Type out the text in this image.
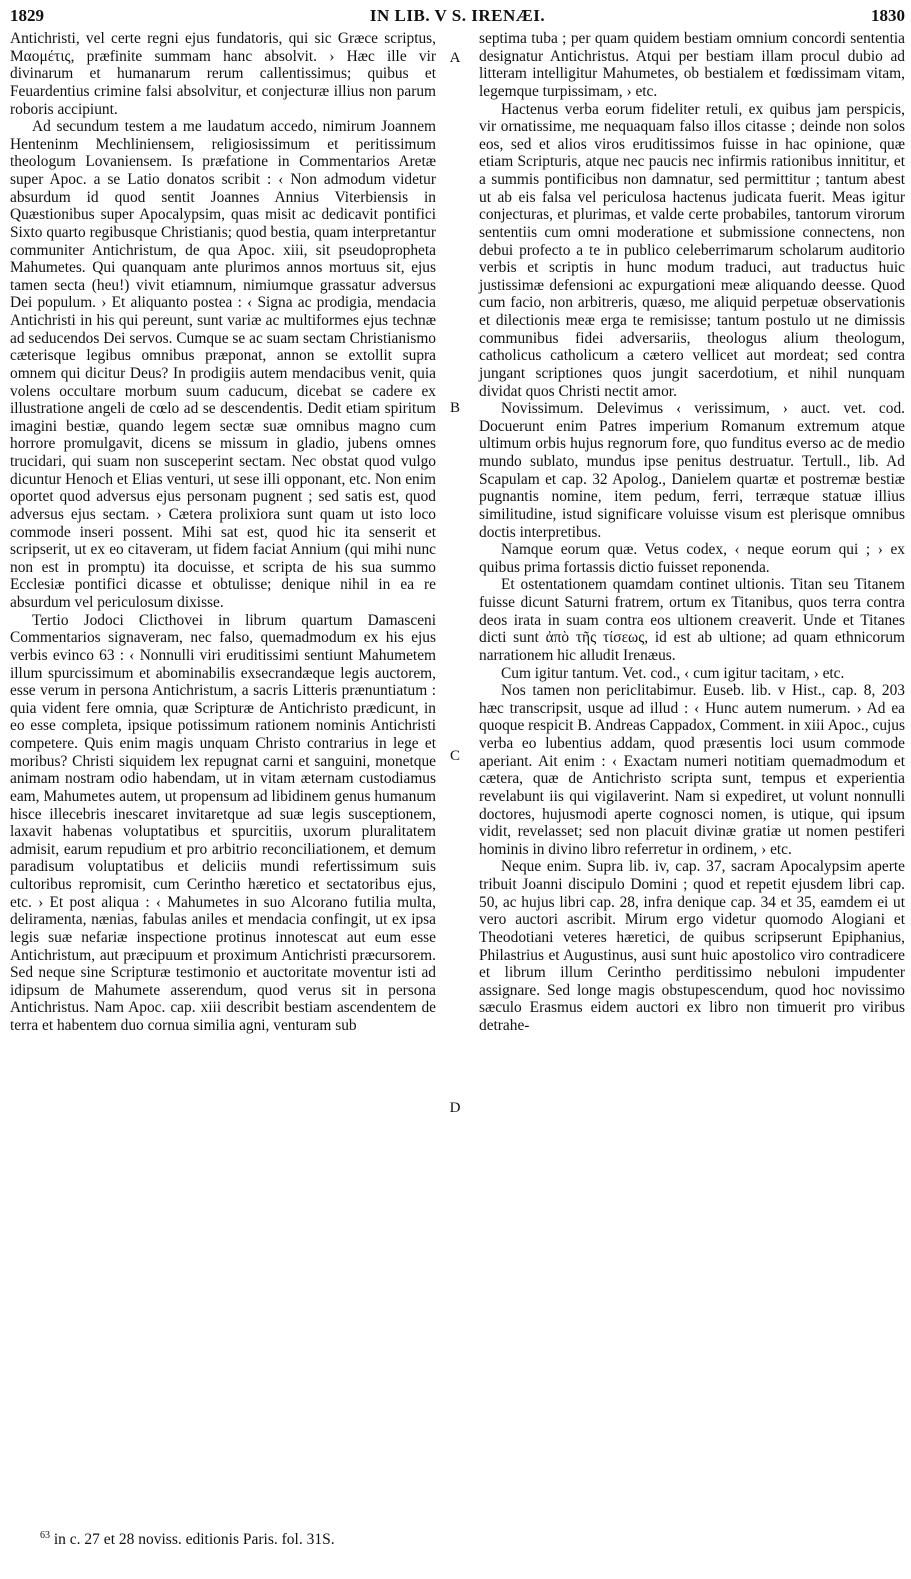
1829	IN LIB. V S. IRENÆI.	1830

Antichristi, vel certe regni ejus fundatoris, qui sic Græce scriptus, Μαομέτις, præfinite summam hanc absolvit. › Hæc ille vir divinarum et humanarum rerum callentissimus; quibus et Feuardentius crimine falsi absolvitur, et conjecturæ illius non parum roboris accipiunt.

Ad secundum testem a me laudatum accedo, nimirum Joannem Henteninm Mechliniensem, religiosissimum et peritissimum theologum Lovaniensem. Is præfatione in Commentarios Aretæ super Apoc. a se Latio donatos scribit : ‹ Non admodum videtur absurdum id quod sentit Joannes Annius Viterbiensis in Quæstionibus super Apocalypsim, quas misit ac dedicavit pontifici Sixto quarto regibusque Christianis; quod bestia, quam interpretantur communiter Antichristum, de qua Apoc. xiii, sit pseudopropheta Mahumetes. Qui quanquam ante plurimos annos mortuus sit, ejus tamen secta (heu!) vivit etiamnum, nimiumque grassatur adversus Dei populum. › Et aliquanto postea : ‹ Signa ac prodigia, mendacia Antichristi in his qui pereunt, sunt variæ ac multiformes ejus technæ ad seducendos Dei servos. Cumque se ac suam sectam Christianismo cæterisque legibus omnibus præponat, annon se extollit supra omnem qui dicitur Deus? In prodigiis autem mendacibus venit, quia volens occultare morbum suum caducum, dicebat se cadere ex illustratione angeli de cœlo ad se descendentis. Dedit etiam spiritum imagini bestiæ, quando legem sectæ suæ omnibus magno cum horrore promulgavit, dicens se missum in gladio, jubens omnes trucidari, qui suam non susceperint sectam. Nec obstat quod vulgo dicuntur Henoch et Elias venturi, ut sese illi opponant, etc. Non enim oportet quod adversus ejus personam pugnent ; sed satis est, quod adversus ejus sectam. › Cætera prolixiora sunt quam ut isto loco commode inseri possent. Mihi sat est, quod hic ita senserit et scripserit, ut ex eo citaveram, ut fidem faciat Annium (qui mihi nunc non est in promptu) ita docuisse, et scripta de his sua summo Ecclesiæ pontifici dicasse et obtulisse; denique nihil in ea re absurdum vel periculosum dixisse.

Tertio Jodoci Clicthovei in librum quartum Damasceni Commentarios signaveram, nec falso, quemadmodum ex his ejus verbis evinco 63 : ‹ Nonnulli viri eruditissimi sentiunt Mahumetem illum spurcissimum et abominabilis exsecrandæque legis auctorem, esse verum in persona Antichristum, a sacris Litteris prænuntiatum : quia vident fere omnia, quæ Scripturæ de Antichristo prædicunt, in eo esse completa, ipsique potissimum rationem nominis Antichristi competere. Quis enim magis unquam Christo contrarius in lege et moribus? Christi siquidem lex repugnat carni et sanguini, monetque animam nostram odio habendam, ut in vitam æternam custodiamus eam, Mahumetes autem, ut propensum ad libidinem genus humanum hisce illecebris inescaret invitaretque ad suæ legis susceptionem, laxavit habenas voluptatibus et spurcitiis, uxorum pluralitatem admisit, earum repudium et pro arbitrio reconciliationem, et demum paradisum voluptatibus et deliciis mundi refertissimum suis cultoribus repromisit, cum Cerintho hæretico et sectatoribus ejus, etc. › Et post aliqua : ‹ Mahumetes in suo Alcorano futilia multa, deliramenta, nænias, fabulas aniles et mendacia confingit, ut ex ipsa legis suæ nefariæ inspectione protinus innotescat aut eum esse Antichristum, aut præcipuum et proximum Antichristi præcursorem. Sed neque sine Scripturæ testimonio et auctoritate moventur isti ad idipsum de Mahumete asserendum, quod verus sit in persona Antichristus. Nam Apoc. cap. xiii describit bestiam ascendentem de terra et habentem duo cornua similia agni, venturam sub

A
B
C
D

septima tuba ; per quam quidem bestiam omnium concordi sententia designatur Antichristus. Atqui per bestiam illam procul dubio ad litteram intelligitur Mahumetes, ob bestialem et fœdissimam vitam, legemque turpissimam, › etc.

Hactenus verba eorum fideliter retuli, ex quibus jam perspicis, vir ornatissime, me nequaquam falso illos citasse ; deinde non solos eos, sed et alios viros eruditissimos fuisse in hac opinione, quæ etiam Scripturis, atque nec paucis nec infirmis rationibus innititur, et a summis pontificibus non damnatur, sed permittitur ; tantum abest ut ab eis falsa vel periculosa hactenus judicata fuerit. Meas igitur conjecturas, et plurimas, et valde certe probabiles, tantorum virorum sententiis cum omni moderatione et submissione connectens, non debui profecto a te in publico celeberrimarum scholarum auditorio verbis et scriptis in hunc modum traduci, aut traductus huic justissimæ defensioni ac expurgationi meæ aliquando deesse. Quod cum facio, non arbitreris, quæso, me aliquid perpetuæ observationis et dilectionis meæ erga te remisisse; tantum postulo ut ne dimissis communibus fidei adversariis, theologus alium theologum, catholicus catholicum a cætero vellicet aut mordeat; sed contra jungant scriptiones quos jungit sacerdotium, et nihil nunquam dividat quos Christi nectit amor.

Novissimum. Delevimus ‹ verissimum, › auct. vet. cod. Docuerunt enim Patres imperium Romanum extremum atque ultimum orbis hujus regnorum fore, quo funditus everso ac de medio mundo sublato, mundus ipse penitus destruatur. Tertull., lib. Ad Scapulam et cap. 32 Apolog., Danielem quartæ et postremæ bestiæ pugnantis nomine, item pedum, ferri, terræque statuæ illius similitudine, istud significare voluisse visum est plerisque omnibus doctis interpretibus.

Namque eorum quæ. Vetus codex, ‹ neque eorum qui ; › ex quibus prima fortassis dictio fuisset reponenda.

Et ostentationem quamdam continet ultionis. Titan seu Titanem fuisse dicunt Saturni fratrem, ortum ex Titanibus, quos terra contra deos irata in suam contra eos ultionem creaverit. Unde et Titanes dicti sunt ἀπὸ τῆς τίσεως, id est ab ultione; ad quam ethnicorum narrationem hic alludit Irenæus.

Cum igitur tantum. Vet. cod., ‹ cum igitur tacitam, › etc.

Nos tamen non periclitabimur. Euseb. lib. v Hist., cap. 8, 203 hæc transcripsit, usque ad illud : ‹ Hunc autem numerum. › Ad ea quoque respicit B. Andreas Cappadox, Comment. in xiii Apoc., cujus verba eo lubentius addam, quod præsentis loci usum commode aperiant. Ait enim : ‹ Exactam numeri notitiam quemadmodum et cætera, quæ de Antichristo scripta sunt, tempus et experientia revelabunt iis qui vigilaverint. Nam si expediret, ut volunt nonnulli doctores, hujusmodi aperte cognosci nomen, is utique, qui ipsum vidit, revelasset; sed non placuit divinæ gratiæ ut nomen pestiferi hominis in divino libro referretur in ordinem, › etc.

Neque enim. Supra lib. iv, cap. 37, sacram Apocalypsim aperte tribuit Joanni discipulo Domini ; quod et repetit ejusdem libri cap. 50, ac hujus libri cap. 28, infra denique cap. 34 et 35, eamdem ei ut vero auctori ascribit. Mirum ergo videtur quomodo Alogiani et Theodotiani veteres hæretici, de quibus scripserunt Epiphanius, Philastrius et Augustinus, ausi sunt huic apostolico viro contradicere et librum illum Cerintho perditissimo nebuloni impudenter assignare. Sed longe magis obstupescendum, quod hoc novissimo sæculo Erasmus eidem auctori ex libro non timuerit pro viribus detrahe-

$^{63}$ in c. 27 et 28 noviss. editionis Paris. fol. 31S.
